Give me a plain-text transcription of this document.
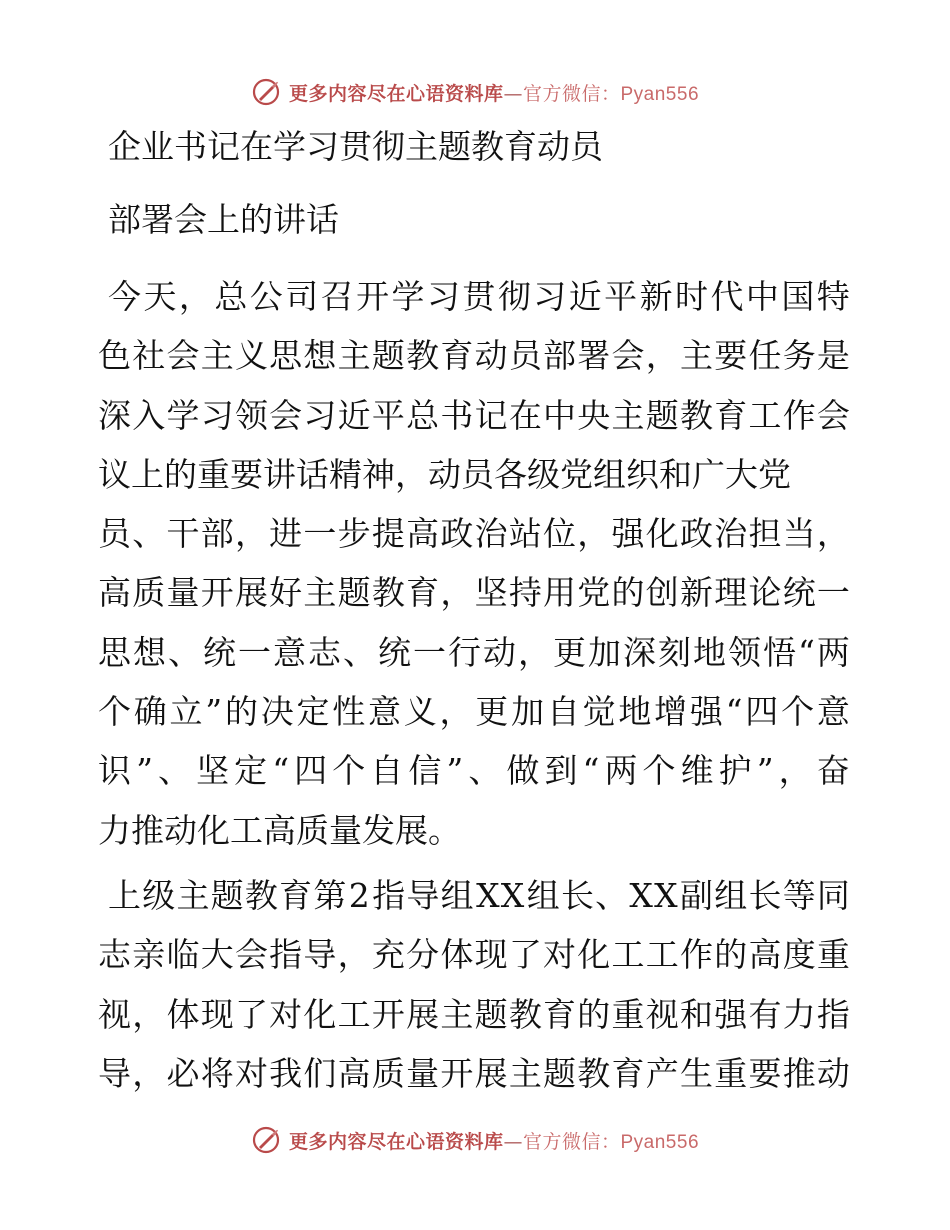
更多内容尽在心语资料库—官方微信：Pyan556
企业书记在学习贯彻主题教育动员
部署会上的讲话
今 天 ， 总 公 司 召 开 学 习 贯 彻 习 近 平 新 时 代 中 国 特
色 社 会 主 义 思 想 主 题 教 育 动 员 部 署 会 ， 主 要 任 务 是
深 入 学 习 领 会 习 近 平 总 书 记 在 中 央 主 题 教 育 工 作 会
议上的重要讲话精神，动员各级党组织和广大党
员 、 干 部 ， 进 一 步 提 高 政 治 站 位 ， 强 化 政 治 担 当 ，
高 质 量 开 展 好 主 题 教 育 ， 坚 持 用 党 的 创 新 理 论 统 一
思 想 、 统 一 意 志 、 统 一 行 动 ， 更 加 深 刻 地 领 悟 “ 两
个 确 立 ” 的 决 定 性 意 义 ， 更 加 自 觉 地 增 强 “ 四 个 意
识 ” 、 坚 定 “ 四 个 自 信 ” 、 做 到 “ 两 个 维 护 ” ， 奋
力推动化工高质量发展。
上 级 主 题 教 育 第 2 指 导 组 X X 组 长 、 X X 副 组 长 等 同
志 亲 临 大 会 指 导 ， 充 分 体 现 了 对 化 工 工 作 的 高 度 重
视 ， 体 现 了 对 化 工 开 展 主 题 教 育 的 重 视 和 强 有 力 指
导 ， 必 将 对 我 们 高 质 量 开 展 主 题 教 育 产 生 重 要 推 动
更多内容尽在心语资料库—官方微信：Pyan556
